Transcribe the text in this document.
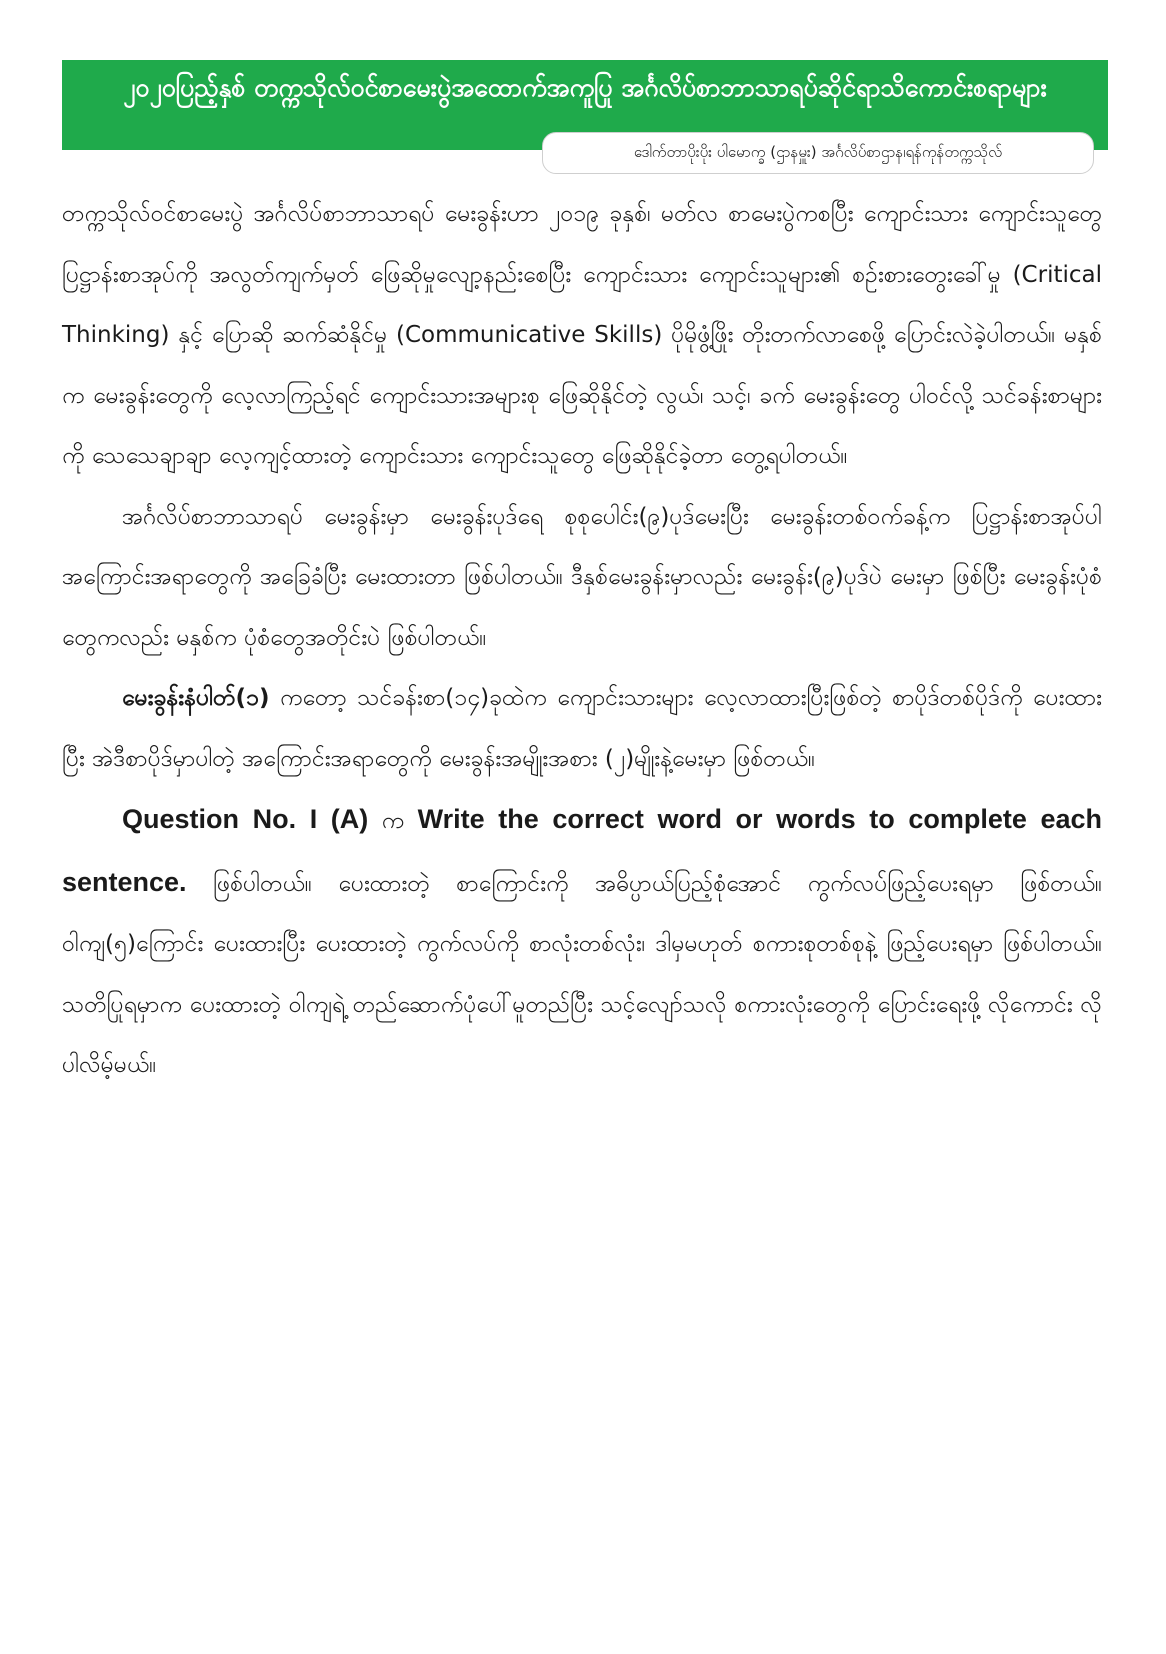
၂၀၂၀ပြည့်နှစ် တက္ကသိုလ်ဝင်စာမေးပွဲအထောက်အကူပြု အင်္ဂလိပ်စာဘာသာရပ်ဆိုင်ရာသိကောင်းစရာများ
ဒေါက်တာပိုးပိုး ပါမောက္ခ (ဌာနမှူး) အင်္ဂလိပ်စာဌာန၊ရန်ကုန်တက္ကသိုလ်

တက္ကသိုလ်ဝင်စာမေးပွဲ အင်္ဂလိပ်စာဘာသာရပ် မေးခွန်းဟာ ၂၀၁၉ ခုနှစ်၊ မတ်လ စာမေးပွဲကစပြီး ကျောင်းသား ကျောင်းသူတွေ ပြဋ္ဌာန်းစာအုပ်ကို အလွတ်ကျက်မှတ် ဖြေဆိုမှုလျော့နည်းစေပြီး ကျောင်းသား ကျောင်းသူများ၏ စဉ်းစားတွေးခေါ်မှု (Critical Thinking) နှင့် ပြောဆို ဆက်ဆံနိုင်မှု (Communicative Skills) ပိုမိုဖွံ့ဖြိုး တိုးတက်လာစေဖို့ ပြောင်းလဲခဲ့ပါတယ်။ မနှစ်က မေးခွန်းတွေကို လေ့လာကြည့်ရင် ကျောင်းသားအများစု ဖြေဆိုနိုင်တဲ့ လွယ်၊ သင့်၊ ခက် မေးခွန်းတွေ ပါဝင်လို့ သင်ခန်းစာများကို သေသေချာချာ လေ့ကျင့်ထားတဲ့ ကျောင်းသား ကျောင်းသူတွေ ဖြေဆိုနိုင်ခဲ့တာ တွေ့ရပါတယ်။

အင်္ဂလိပ်စာဘာသာရပ် မေးခွန်းမှာ မေးခွန်းပုဒ်ရေ စုစုပေါင်း(၉)ပုဒ်မေးပြီး မေးခွန်းတစ်ဝက်ခန့်က ပြဋ္ဌာန်းစာအုပ်ပါ အကြောင်းအရာတွေကို အခြေခံပြီး မေးထားတာ ဖြစ်ပါတယ်။ ဒီနှစ်မေးခွန်းမှာလည်း မေးခွန်း(၉)ပုဒ်ပဲ မေးမှာ ဖြစ်ပြီး မေးခွန်းပုံစံတွေကလည်း မနှစ်က ပုံစံတွေအတိုင်းပဲ ဖြစ်ပါတယ်။

မေးခွန်းနံပါတ်(၁) ကတော့ သင်ခန်းစာ(၁၄)ခုထဲက ကျောင်းသားများ လေ့လာထားပြီးဖြစ်တဲ့ စာပိုဒ်တစ်ပိုဒ်ကို ပေးထားပြီး အဲဒီစာပိုဒ်မှာပါတဲ့ အကြောင်းအရာတွေကို မေးခွန်းအမျိုးအစား (၂)မျိုးနဲ့မေးမှာ ဖြစ်တယ်။

Question No. I (A) က Write the correct word or words to complete each sentence. ဖြစ်ပါတယ်။ ပေးထားတဲ့ စာကြောင်းကို အဓိပ္ပာယ်ပြည့်စုံအောင် ကွက်လပ်ဖြည့်ပေးရမှာ ဖြစ်တယ်။ ဝါကျ(၅)ကြောင်း ပေးထားပြီး ပေးထားတဲ့ ကွက်လပ်ကို စာလုံးတစ်လုံး၊ ဒါမှမဟုတ် စကားစုတစ်စုနဲ့ ဖြည့်ပေးရမှာ ဖြစ်ပါတယ်။ သတိပြုရမှာက ပေးထားတဲ့ ဝါကျရဲ့ တည်ဆောက်ပုံပေါ်မူတည်ပြီး သင့်လျော်သလို စကားလုံးတွေကို ပြောင်းရေးဖို့ လိုကောင်း လိုပါလိမ့်မယ်။
